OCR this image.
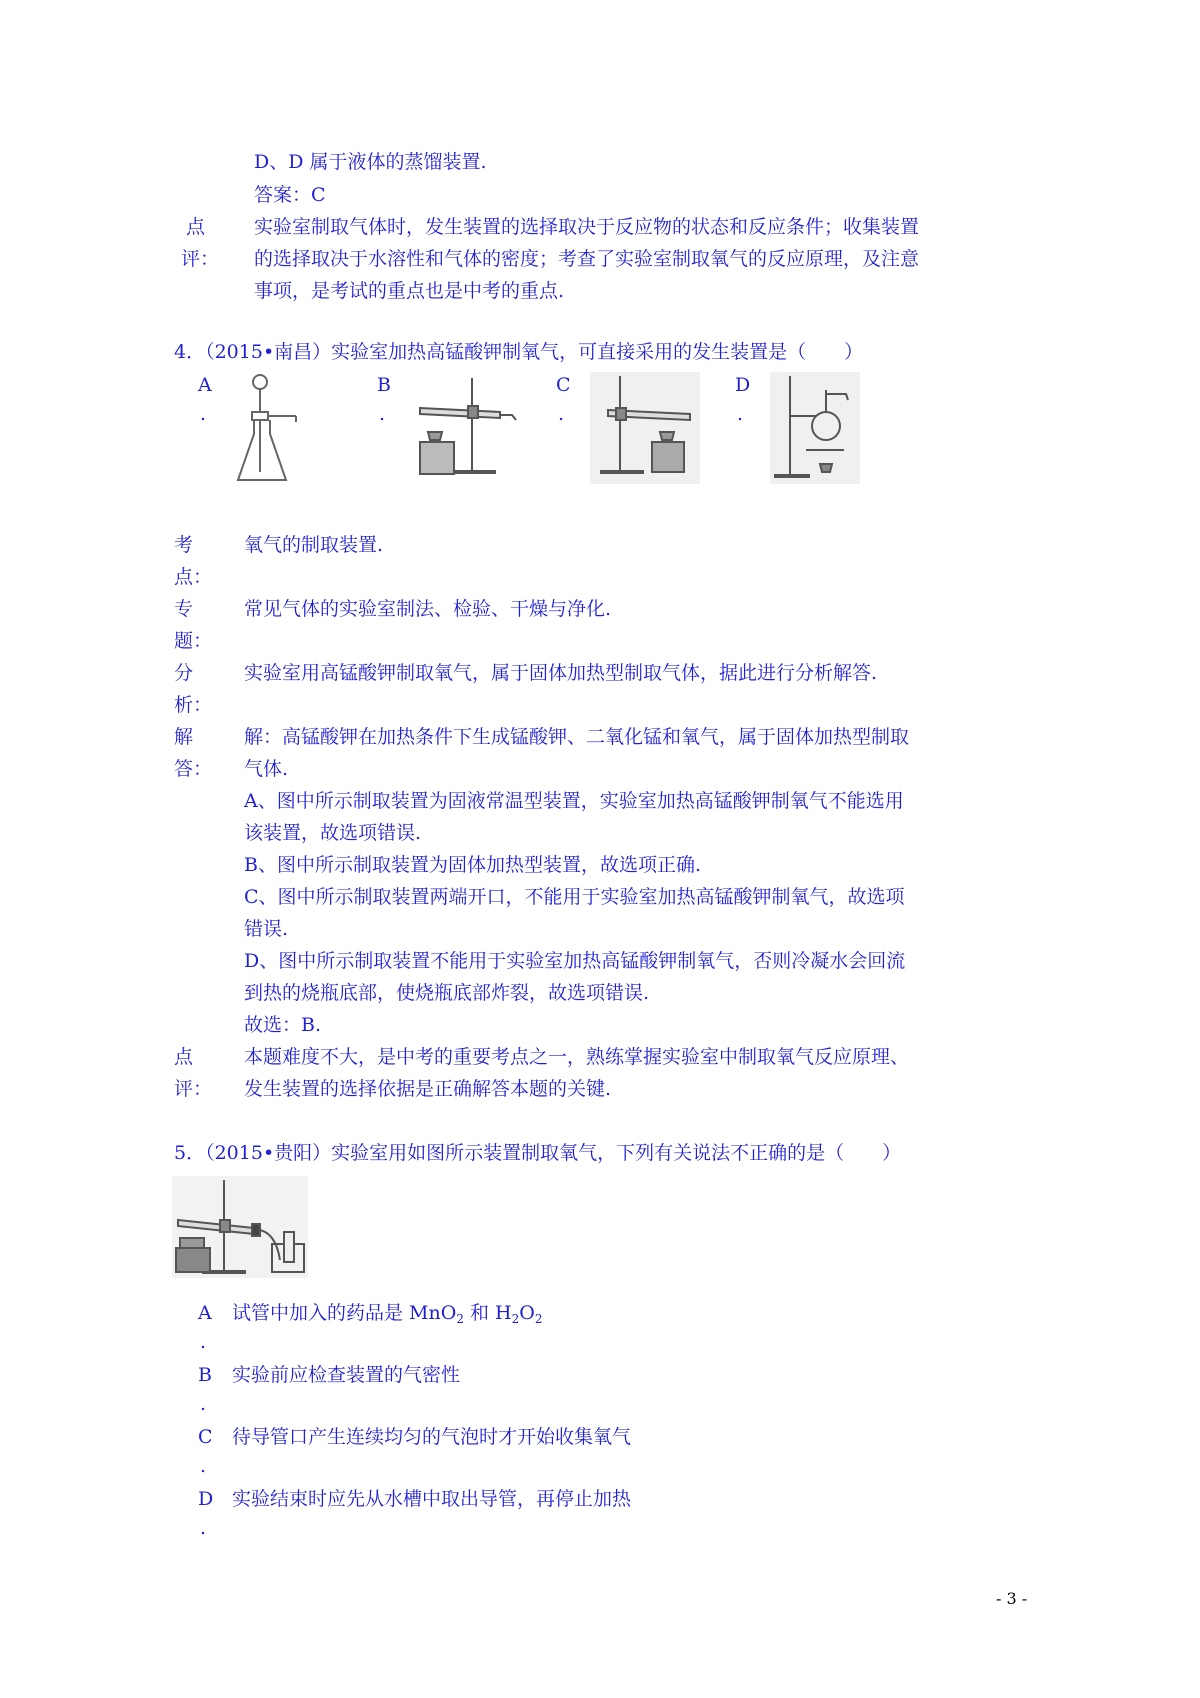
D、D 属于液体的蒸馏装置.
答案：C
点
评：
实验室制取气体时，发生装置的选择取决于反应物的状态和反应条件；收集装置
的选择取决于水溶性和气体的密度；考查了实验室制取氧气的反应原理，及注意
事项，是考试的重点也是中考的重点.
4．（2015•南昌）实验室加热高锰酸钾制氧气，可直接采用的发生装置是（　　）
A
.
B
.
C
.
D
.
考
点：
氧气的制取装置.
专
题：
常见气体的实验室制法、检验、干燥与净化.
分
析：
实验室用高锰酸钾制取氧气，属于固体加热型制取气体，据此进行分析解答.
解
答：
解：高锰酸钾在加热条件下生成锰酸钾、二氧化锰和氧气，属于固体加热型制取
气体.
A、图中所示制取装置为固液常温型装置，实验室加热高锰酸钾制氧气不能选用
该装置，故选项错误.
B、图中所示制取装置为固体加热型装置，故选项正确.
C、图中所示制取装置两端开口，不能用于实验室加热高锰酸钾制氧气，故选项
错误.
D、图中所示制取装置不能用于实验室加热高锰酸钾制氧气，否则冷凝水会回流
到热的烧瓶底部，使烧瓶底部炸裂，故选项错误.
故选：B.
点
评：
本题难度不大，是中考的重要考点之一，熟练掌握实验室中制取氧气反应原理、
发生装置的选择依据是正确解答本题的关键.
5．（2015•贵阳）实验室用如图所示装置制取氧气，下列有关说法不正确的是（　　）
A
.
试管中加入的药品是 MnO$_2$ 和 $H_2O_2$
B
.
实验前应检查装置的气密性
C
.
待导管口产生连续均匀的气泡时才开始收集氧气
D
.
实验结束时应先从水槽中取出导管，再停止加热
- 3 -
